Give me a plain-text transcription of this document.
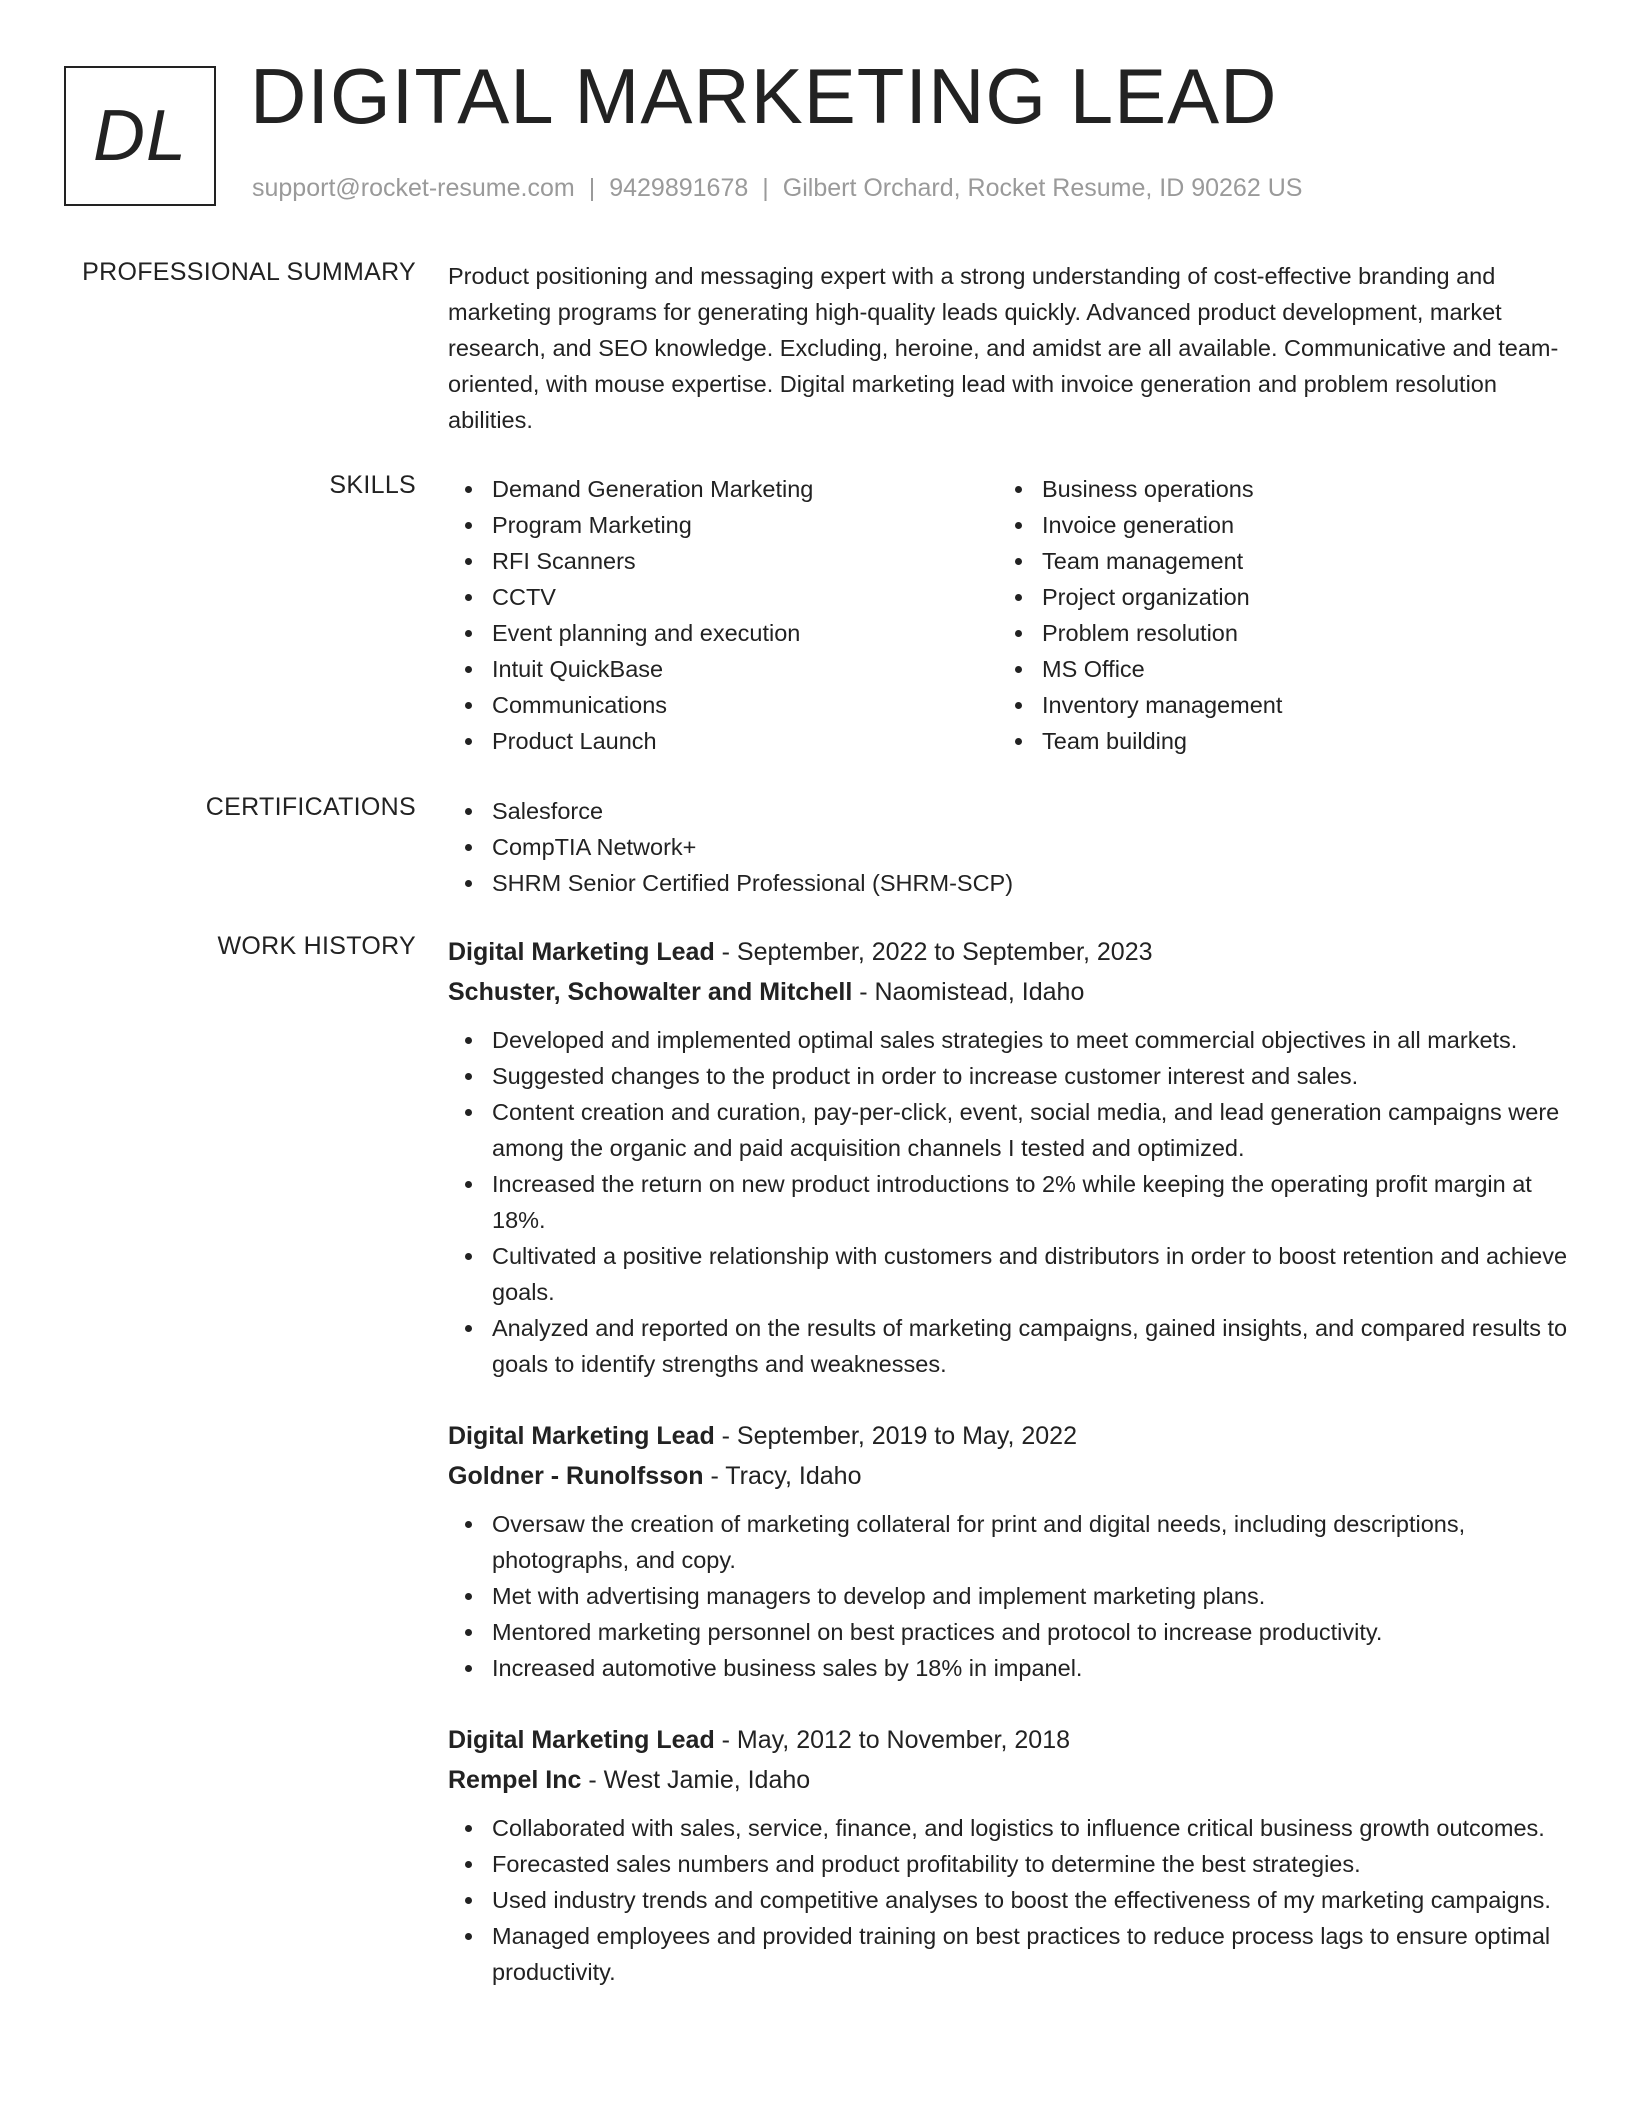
DL DIGITAL MARKETING LEAD
support@rocket-resume.com | 9429891678 | Gilbert Orchard, Rocket Resume, ID 90262 US
PROFESSIONAL SUMMARY Product positioning and messaging expert with a strong understanding of cost-effective branding and marketing programs for generating high-quality leads quickly. Advanced product development, market research, and SEO knowledge. Excluding, heroine, and amidst are all available. Communicative and team-oriented, with mouse expertise. Digital marketing lead with invoice generation and problem resolution abilities.

SKILLS	Demand Generation Marketing
Program Marketing
RFI Scanners
CCTV
Event planning and execution
Intuit QuickBase
Communications
Product Launch
Business operations
Invoice generation
Team management
Project organization
Problem resolution
MS Office
Inventory management
Team building
CERTIFICATIONS	Salesforce
CompTIA Network+
SHRM Senior Certified Professional (SHRM-SCP)
WORK HISTORY Digital Marketing Lead - September, 2022 to September, 2023
Schuster, Schowalter and Mitchell - Naomistead, Idaho
Developed and implemented optimal sales strategies to meet commercial objectives in all markets.
Suggested changes to the product in order to increase customer interest and sales.
Content creation and curation, pay-per-click, event, social media, and lead generation campaigns were among the organic and paid acquisition channels I tested and optimized.
Increased the return on new product introductions to 2% while keeping the operating profit margin at 18%.
Cultivated a positive relationship with customers and distributors in order to boost retention and achieve goals.
Analyzed and reported on the results of marketing campaigns, gained insights, and compared results to goals to identify strengths and weaknesses.
Digital Marketing Lead - September, 2019 to May, 2022
Goldner - Runolfsson - Tracy, Idaho
Oversaw the creation of marketing collateral for print and digital needs, including descriptions, photographs, and copy.
Met with advertising managers to develop and implement marketing plans.
Mentored marketing personnel on best practices and protocol to increase productivity.
Increased automotive business sales by 18% in impanel.
Digital Marketing Lead - May, 2012 to November, 2018
Rempel Inc - West Jamie, Idaho
Collaborated with sales, service, finance, and logistics to influence critical business growth outcomes.
Forecasted sales numbers and product profitability to determine the best strategies.
Used industry trends and competitive analyses to boost the effectiveness of my marketing campaigns.
Managed employees and provided training on best practices to reduce process lags to ensure optimal productivity.
